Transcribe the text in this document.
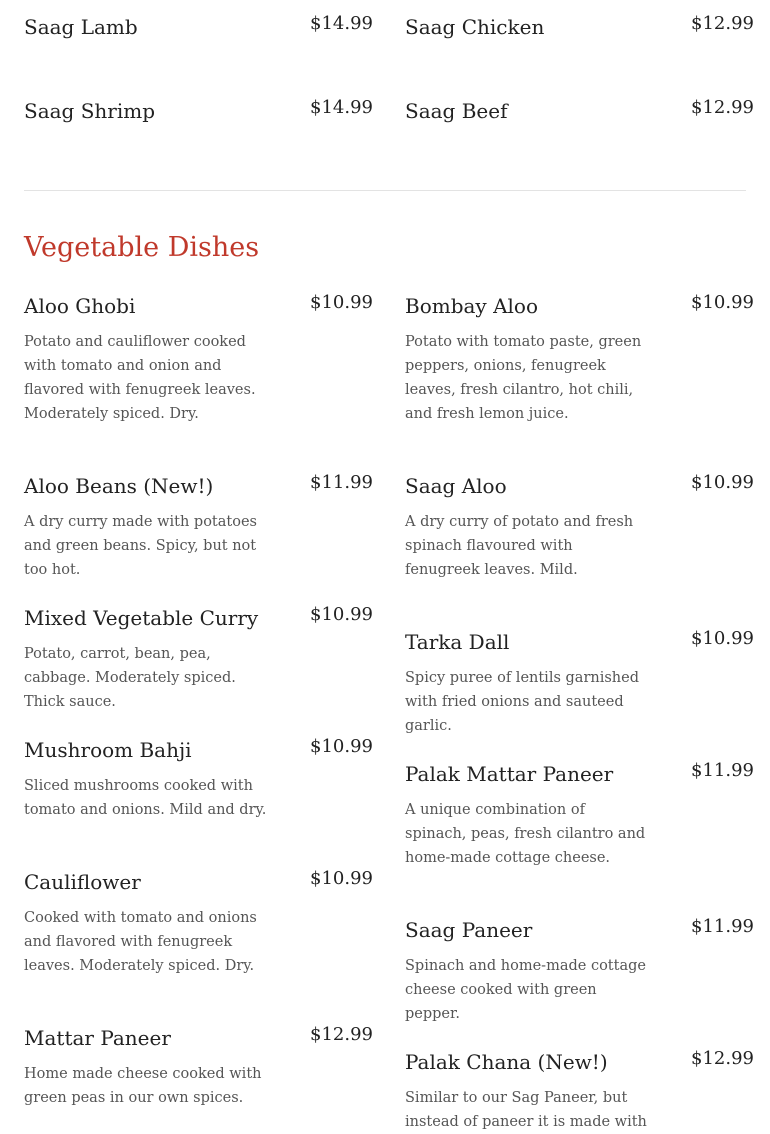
Saag Lamb	$14.99 Saag Chicken	$12.99
Saag Shrimp	$14.99 Saag Beef	$12.99
Vegetable Dishes
Aloo Ghobi	$10.99
Potato and cauliflower cooked with tomato and onion and flavored with fenugreek leaves. Moderately spiced. Dry.
Aloo Beans (New!)	$11.99
A dry curry made with potatoes and green beans. Spicy, but not too hot.
Mixed Vegetable Curry	$10.99
Potato, carrot, bean, pea, cabbage. Moderately spiced. Thick sauce.
Mushroom Bahji	$10.99
Sliced mushrooms cooked with tomato and onions. Mild and dry.
Cauliflower	$10.99
Cooked with tomato and onions and flavored with fenugreek leaves. Moderately spiced. Dry.
Mattar Paneer	$12.99
Home made cheese cooked with green peas in our own spices.
Bombay Aloo	$10.99
Potato with tomato paste, green peppers, onions, fenugreek leaves, fresh cilantro, hot chili, and fresh lemon juice.
Saag Aloo	$10.99
A dry curry of potato and fresh spinach flavoured with fenugreek leaves. Mild.
Tarka Dall	$10.99
Spicy puree of lentils garnished with fried onions and sauteed garlic.
Palak Mattar Paneer	$11.99
A unique combination of spinach, peas, fresh cilantro and home-made cottage cheese.
Saag Paneer	$11.99
Spinach and home-made cottage cheese cooked with green pepper.
Palak Chana (New!)	$12.99
Similar to our Sag Paneer, but instead of paneer it is made with
